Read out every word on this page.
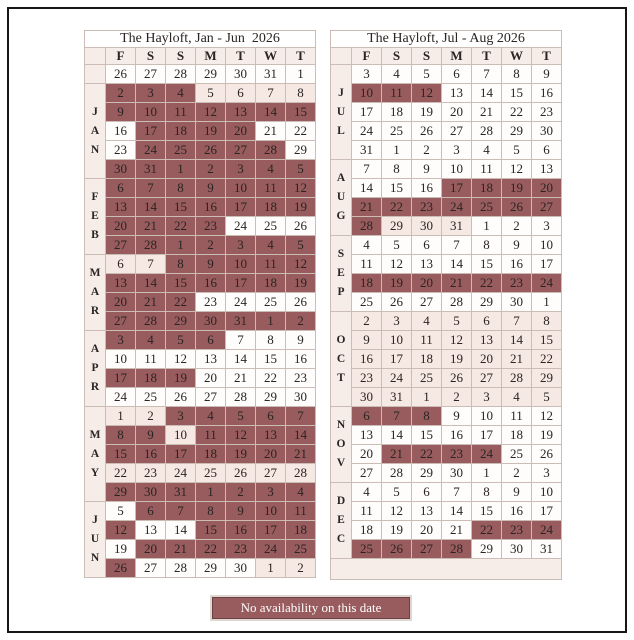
The Hayloft, Jan - Jun  2026							
	F	S	S	M	T	W	T
	26	27	28	29	30	31	1
J
A
N	2	3	4	5	6	7	8
	9	10	11	12	13	14	15
	16	17	18	19	20	21	22
	23	24	25	26	27	28	29
	30	31	1	2	3	4	5
F
E
B	6	7	8	9	10	11	12
	13	14	15	16	17	18	19
	20	21	22	23	24	25	26
	27	28	1	2	3	4	5
M
A
R	6	7	8	9	10	11	12
	13	14	15	16	17	18	19
	20	21	22	23	24	25	26
	27	28	29	30	31	1	2
A
P
R	3	4	5	6	7	8	9
	10	11	12	13	14	15	16
	17	18	19	20	21	22	23
	24	25	26	27	28	29	30
M
A
Y	1	2	3	4	5	6	7
	8	9	10	11	12	13	14
	15	16	17	18	19	20	21
	22	23	24	25	26	27	28
	29	30	31	1	2	3	4
J
U
N	5	6	7	8	9	10	11
	12	13	14	15	16	17	18
	19	20	21	22	23	24	25
	26	27	28	29	30	1	2
The Hayloft, Jul - Aug 2026							
	F	S	S	M	T	W	T
J
U
L	3	4	5	6	7	8	9
	10	11	12	13	14	15	16
	17	18	19	20	21	22	23
	24	25	26	27	28	29	30
	31	1	2	3	4	5	6
A
U
G	7	8	9	10	11	12	13
	14	15	16	17	18	19	20
	21	22	23	24	25	26	27
	28	29	30	31	1	2	3
S
E
P	4	5	6	7	8	9	10
	11	12	13	14	15	16	17
	18	19	20	21	22	23	24
	25	26	27	28	29	30	1
O
C
T	2	3	4	5	6	7	8
	9	10	11	12	13	14	15
	16	17	18	19	20	21	22
	23	24	25	26	27	28	29
	30	31	1	2	3	4	5
N
O
V	6	7	8	9	10	11	12
	13	14	15	16	17	18	19
	20	21	22	23	24	25	26
	27	28	29	30	1	2	3
D
E
C	4	5	6	7	8	9	10
	11	12	13	14	15	16	17
	18	19	20	21	22	23	24
	25	26	27	28	29	30	31

No availability on this date
